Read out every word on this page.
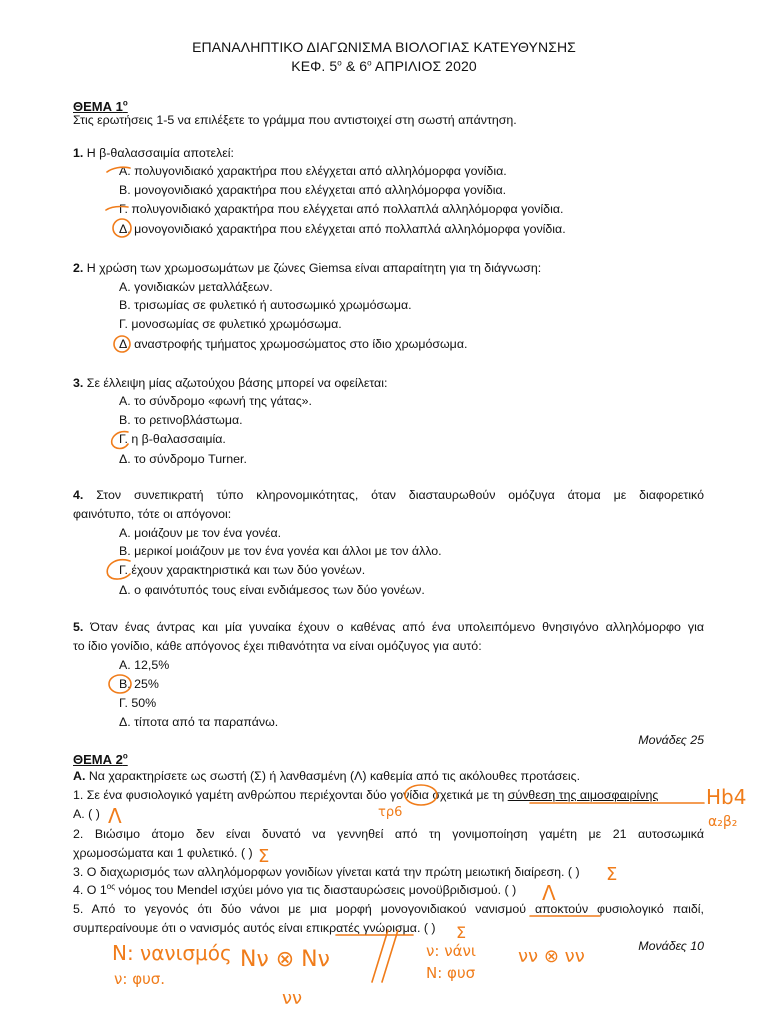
ΕΠΑΝΑΛΗΠΤΙΚΟ ΔΙΑΓΩΝΙΣΜΑ ΒΙΟΛΟΓΙΑΣ ΚΑΤΕΥΘΥΝΣΗΣ
ΚΕΦ. $5^o$ & $6^o$ ΑΠΡΙΛΙΟΣ 2020
ΘΕΜΑ $1^o$
Στις ερωτήσεις 1-5 να επιλέξετε το γράμμα που αντιστοιχεί στη σωστή απάντηση.
1. Η β-θαλασσαιμία αποτελεί:
Α. πολυγονιδιακό χαρακτήρα που ελέγχεται από αλληλόμορφα γονίδια.
Β. μονογονιδιακό χαρακτήρα που ελέγχεται από αλληλόμορφα γονίδια.
Γ. πολυγονιδιακό χαρακτήρα που ελέγχεται από πολλαπλά αλληλόμορφα γονίδια.
Δ. μονογονιδιακό χαρακτήρα που ελέγχεται από πολλαπλά αλληλόμορφα γονίδια.
2. Η χρώση των χρωμοσωμάτων με ζώνες Giemsa είναι απαραίτητη για τη διάγνωση:
Α. γονιδιακών μεταλλάξεων.
Β. τρισωμίας σε φυλετικό ή αυτοσωμικό χρωμόσωμα.
Γ. μονοσωμίας σε φυλετικό χρωμόσωμα.
Δ. αναστροφής τμήματος χρωμοσώματος στο ίδιο χρωμόσωμα.
3. Σε έλλειψη μίας αζωτούχου βάσης μπορεί να οφείλεται:
Α. το σύνδρομο «φωνή της γάτας».
Β. το ρετινοβλάστωμα.
Γ. η β-θαλασσαιμία.
Δ. το σύνδρομο Turner.
4. Στον συνεπικρατή τύπο κληρονομικότητας, όταν διασταυρωθούν ομόζυγα άτομα με διαφορετικό
φαινότυπο, τότε οι απόγονοι:
Α. μοιάζουν με τον ένα γονέα.
Β. μερικοί μοιάζουν με τον ένα γονέα και άλλοι με τον άλλο.
Γ. έχουν χαρακτηριστικά και των δύο γονέων.
Δ. ο φαινότυπός τους είναι ενδιάμεσος των δύο γονέων.
5. Όταν ένας άντρας και μία γυναίκα έχουν ο καθένας από ένα υπολειπόμενο θνησιγόνο αλληλόμορφο για
το ίδιο γονίδιο, κάθε απόγονος έχει πιθανότητα να είναι ομόζυγος για αυτό:
Α. 12,5%
Β. 25%
Γ. 50%
Δ. τίποτα από τα παραπάνω.
Μονάδες 25
ΘΕΜΑ $2^o$
Α. Να χαρακτηρίσετε ως σωστή (Σ) ή λανθασμένη (Λ) καθεμία από τις ακόλουθες προτάσεις.
1. Σε ένα φυσιολογικό γαμέτη ανθρώπου περιέχονται δύο γονίδια σχετικά με τη σύνθεση της αιμοσφαιρίνης
Α. ( )
2. Βιώσιμο άτομο δεν είναι δυνατό να γεννηθεί από τη γονιμοποίηση γαμέτη με 21 αυτοσωμικά
χρωμοσώματα και 1 φυλετικό. ( )
3. Ο διαχωρισμός των αλληλόμορφων γονιδίων γίνεται κατά την πρώτη μειωτική διαίρεση. ( )
4. Ο $1^{o\varsigma}$ νόμος του Mendel ισχύει μόνο για τις διασταυρώσεις μονοϋβριδισμού. ( )
5. Από το γεγονός ότι δύο νάνοι με μια μορφή μονογονιδιακού νανισμού αποκτούν φυσιολογικό παιδί,
συμπεραίνουμε ότι ο νανισμός αυτός είναι επικρατές γνώρισμα. ( )
Μονάδες 10
τρ6
Hb4
α₂β₂
Λ
Σ
Σ
Λ
Σ
N: νανισμός
ν: φυσ.
Nν ⊗ Nν	ν: νάνι
Ν: φυσ
νν ⊗ νν
νν
